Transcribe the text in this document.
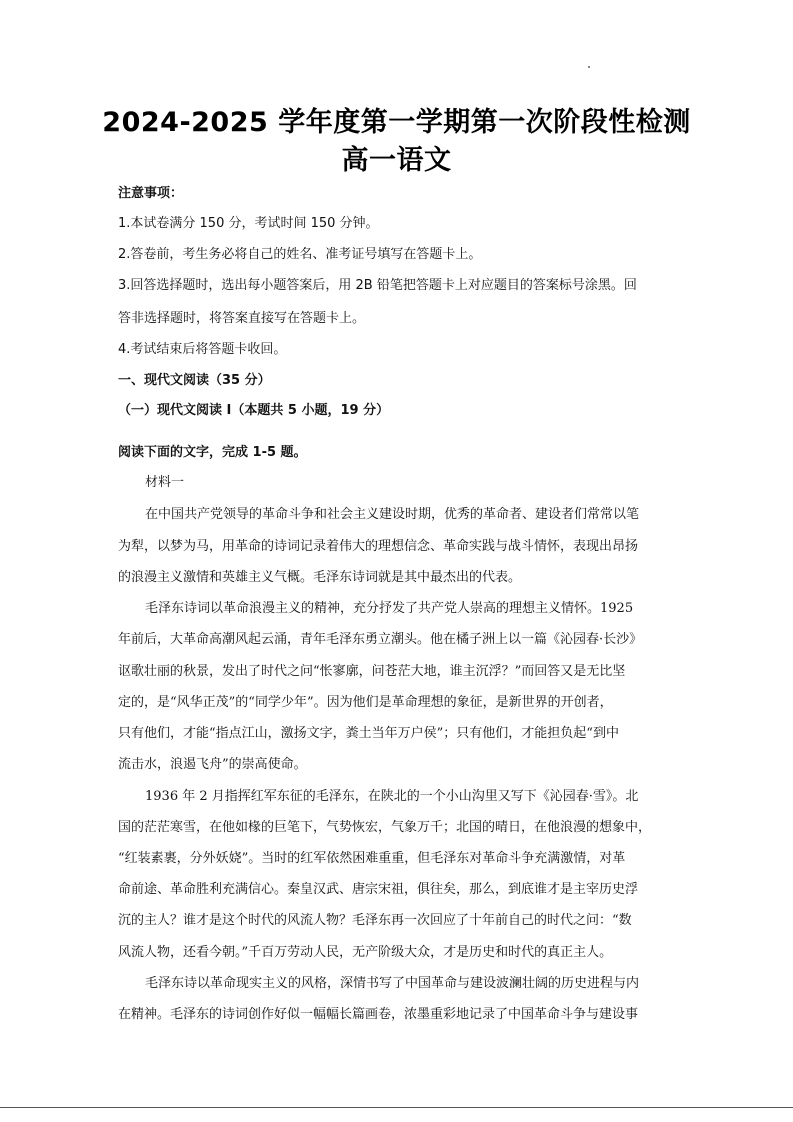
2024-2025 学年度第一学期第一次阶段性检测
高一语文
注意事项：
1.本试卷满分 150 分，考试时间 150 分钟。
2.答卷前，考生务必将自己的姓名、准考证号填写在答题卡上。
3.回答选择题时，选出每小题答案后，用 2B 铅笔把答题卡上对应题目的答案标号涂黑。回
答非选择题时，将答案直接写在答题卡上。
4.考试结束后将答题卡收回。
一、现代文阅读（35 分）
（一）现代文阅读 I（本题共 5 小题，19 分）
阅读下面的文字，完成 1-5 题。
材料一
在中国共产党领导的革命斗争和社会主义建设时期，优秀的革命者、建设者们常常以笔
为犁，以梦为马，用革命的诗词记录着伟大的理想信念、革命实践与战斗情怀，表现出昂扬
的浪漫主义激情和英雄主义气概。毛泽东诗词就是其中最杰出的代表。
毛泽东诗词以革命浪漫主义的精神，充分抒发了共产党人崇高的理想主义情怀。1925
年前后，大革命高潮风起云涌，青年毛泽东勇立潮头。他在橘子洲上以一篇《沁园春·长沙》
讴歌壮丽的秋景，发出了时代之问“怅寥廓，问苍茫大地，谁主沉浮？”而回答又是无比坚
定的，是“风华正茂”的“同学少年”。因为他们是革命理想的象征，是新世界的开创者，
只有他们，才能“指点江山，激扬文字，粪土当年万户侯”；只有他们，才能担负起“到中
流击水，浪遏飞舟”的崇高使命。
1936 年 2 月指挥红军东征的毛泽东，在陕北的一个小山沟里又写下《沁园春·雪》。北
国的茫茫寒雪，在他如椽的巨笔下，气势恢宏，气象万千；北国的晴日，在他浪漫的想象中，
“红装素裹，分外妖娆”。当时的红军依然困难重重，但毛泽东对革命斗争充满激情，对革
命前途、革命胜利充满信心。秦皇汉武、唐宗宋祖，俱往矣，那么，到底谁才是主宰历史浮
沉的主人？谁才是这个时代的风流人物？毛泽东再一次回应了十年前自己的时代之问：“数
风流人物，还看今朝。”千百万劳动人民，无产阶级大众，才是历史和时代的真正主人。
毛泽东诗以革命现实主义的风格，深情书写了中国革命与建设波澜壮阔的历史进程与内
在精神。毛泽东的诗词创作好似一幅幅长篇画卷，浓墨重彩地记录了中国革命斗争与建设事
